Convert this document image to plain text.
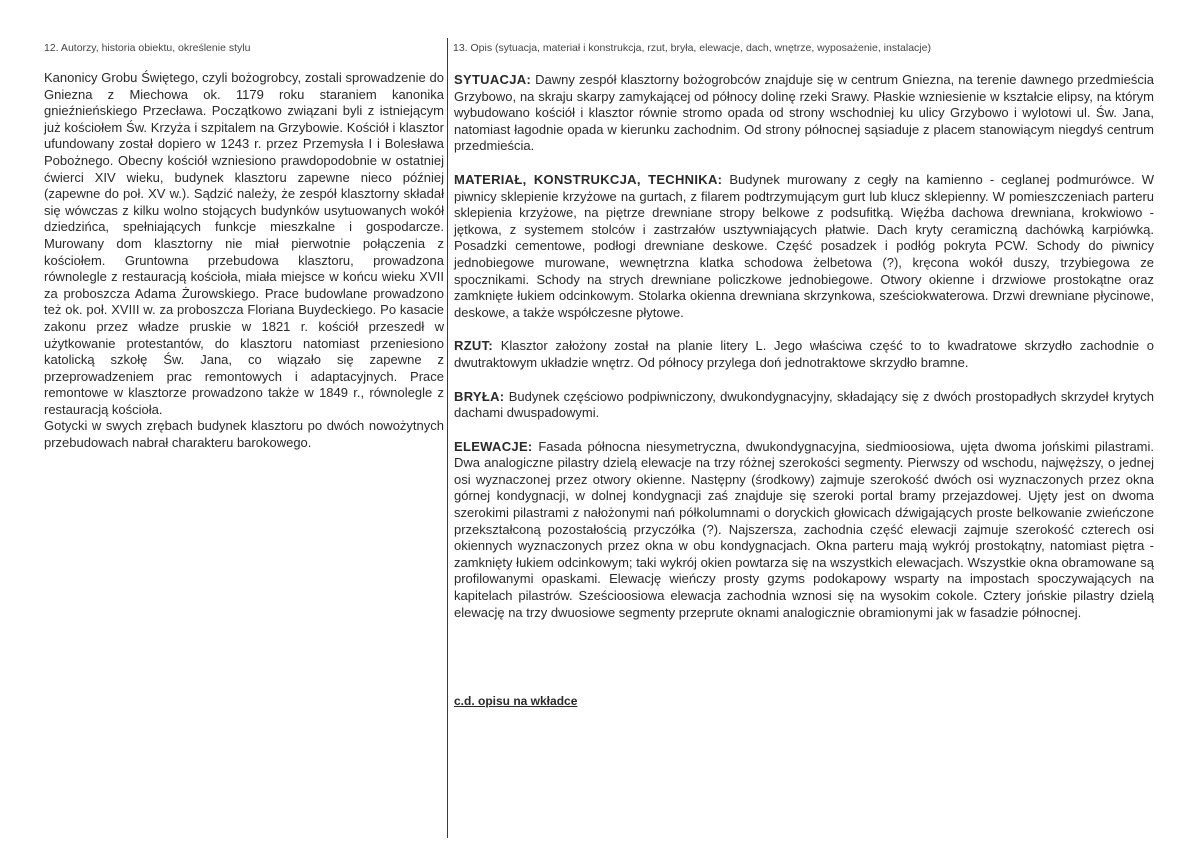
12. Autorzy, historia obiektu, określenie stylu	13. Opis (sytuacja, materiał i konstrukcja, rzut, bryła, elewacje, dach, wnętrze, wyposażenie, instalacje)

Kanonicy Grobu Świętego, czyli bożogrobcy, zostali sprowadzenie do Gniezna z Miechowa ok. 1179 roku staraniem kanonika gnieźnieńskiego Przecława. Początkowo związani byli z istniejącym już kościołem Św. Krzyża i szpitalem na Grzybowie. Kościół i klasztor ufundowany został dopiero w 1243 r. przez Przemysła I i Bolesława Pobożnego. Obecny kościół wzniesiono prawdopodobnie w ostatniej ćwierci XIV wieku, budynek klasztoru zapewne nieco później (zapewne do poł. XV w.). Sądzić należy, że zespół klasztorny składał się wówczas z kilku wolno stojących budynków usytuowanych wokół dziedzińca, spełniających funkcje mieszkalne i gospodarcze. Murowany dom klasztorny nie miał pierwotnie połączenia z kościołem. Gruntowna przebudowa klasztoru, prowadzona równolegle z restauracją kościoła, miała miejsce w końcu wieku XVII za proboszcza Adama Żurowskiego. Prace budowlane prowadzono też ok. poł. XVIII w. za proboszcza Floriana Buydeckiego. Po kasacie zakonu przez władze pruskie w 1821 r. kościół przeszedł w użytkowanie protestantów, do klasztoru natomiast przeniesiono katolicką szkołę Św. Jana, co wiązało się zapewne z przeprowadzeniem prac remontowych i adaptacyjnych. Prace remontowe w klasztorze prowadzono także w 1849 r., równolegle z restauracją kościoła.

Gotycki w swych zrębach budynek klasztoru po dwóch nowożytnych przebudowach nabrał charakteru barokowego.

SYTUACJA: Dawny zespół klasztorny bożogrobców znajduje się w centrum Gniezna, na terenie dawnego przedmieścia Grzybowo, na skraju skarpy zamykającej od północy dolinę rzeki Srawy. Płaskie wzniesienie w kształcie elipsy, na którym wybudowano kościół i klasztor równie stromo opada od strony wschodniej ku ulicy Grzybowo i wylotowi ul. Św. Jana, natomiast łagodnie opada w kierunku zachodnim. Od strony północnej sąsiaduje z placem stanowiącym niegdyś centrum przedmieścia.

MATERIAŁ, KONSTRUKCJA, TECHNIKA: Budynek murowany z cegły na kamienno - ceglanej podmurówce. W piwnicy sklepienie krzyżowe na gurtach, z filarem podtrzymującym gurt lub klucz sklepienny. W pomieszczeniach parteru sklepienia krzyżowe, na piętrze drewniane stropy belkowe z podsufitką. Więźba dachowa drewniana, krokwiowo - jętkowa, z systemem stolców i zastrzałów usztywniających płatwie. Dach kryty ceramiczną dachówką karpiówką. Posadzki cementowe, podłogi drewniane deskowe. Część posadzek i podłóg pokryta PCW. Schody do piwnicy jednobiegowe murowane, wewnętrzna klatka schodowa żelbetowa (?), kręcona wokół duszy, trzybiegowa ze spocznikami. Schody na strych drewniane policzkowe jednobiegowe. Otwory okienne i drzwiowe prostokątne oraz zamknięte łukiem odcinkowym. Stolarka okienna drewniana skrzynkowa, sześciokwaterowa. Drzwi drewniane płycinowe, deskowe, a także współczesne płytowe.

RZUT: Klasztor założony został na planie litery L. Jego właściwa część to to kwadratowe skrzydło zachodnie o dwutraktowym układzie wnętrz. Od północy przylega doń jednotraktowe skrzydło bramne.

BRYŁA: Budynek częściowo podpiwniczony, dwukondygnacyjny, składający się z dwóch prostopadłych skrzydeł krytych dachami dwuspadowymi.

ELEWACJE: Fasada północna niesymetryczna, dwukondygnacyjna, siedmioosiowa, ujęta dwoma jońskimi pilastrami. Dwa analogiczne pilastry dzielą elewacje na trzy różnej szerokości segmenty. Pierwszy od wschodu, najwęższy, o jednej osi wyznaczonej przez otwory okienne. Następny (środkowy) zajmuje szerokość dwóch osi wyznaczonych przez okna górnej kondygnacji, w dolnej kondygnacji zaś znajduje się szeroki portal bramy przejazdowej. Ujęty jest on dwoma szerokimi pilastrami z nałożonymi nań półkolumnami o doryckich głowicach dźwigających proste belkowanie zwieńczone przekształconą pozostałością przyczółka (?). Najszersza, zachodnia część elewacji zajmuje szerokość czterech osi okiennych wyznaczonych przez okna w obu kondygnacjach. Okna parteru mają wykrój prostokątny, natomiast piętra - zamknięty łukiem odcinkowym; taki wykrój okien powtarza się na wszystkich elewacjach. Wszystkie okna obramowane są profilowanymi opaskami. Elewację wieńczy prosty gzyms podokapowy wsparty na impostach spoczywających na kapitelach pilastrów. Sześcioosiowa elewacja zachodnia wznosi się na wysokim cokole. Cztery jońskie pilastry dzielą elewację na trzy dwuosiowe segmenty przeprute oknami analogicznie obramionymi jak w fasadzie północnej.

c.d. opisu na wkładce
